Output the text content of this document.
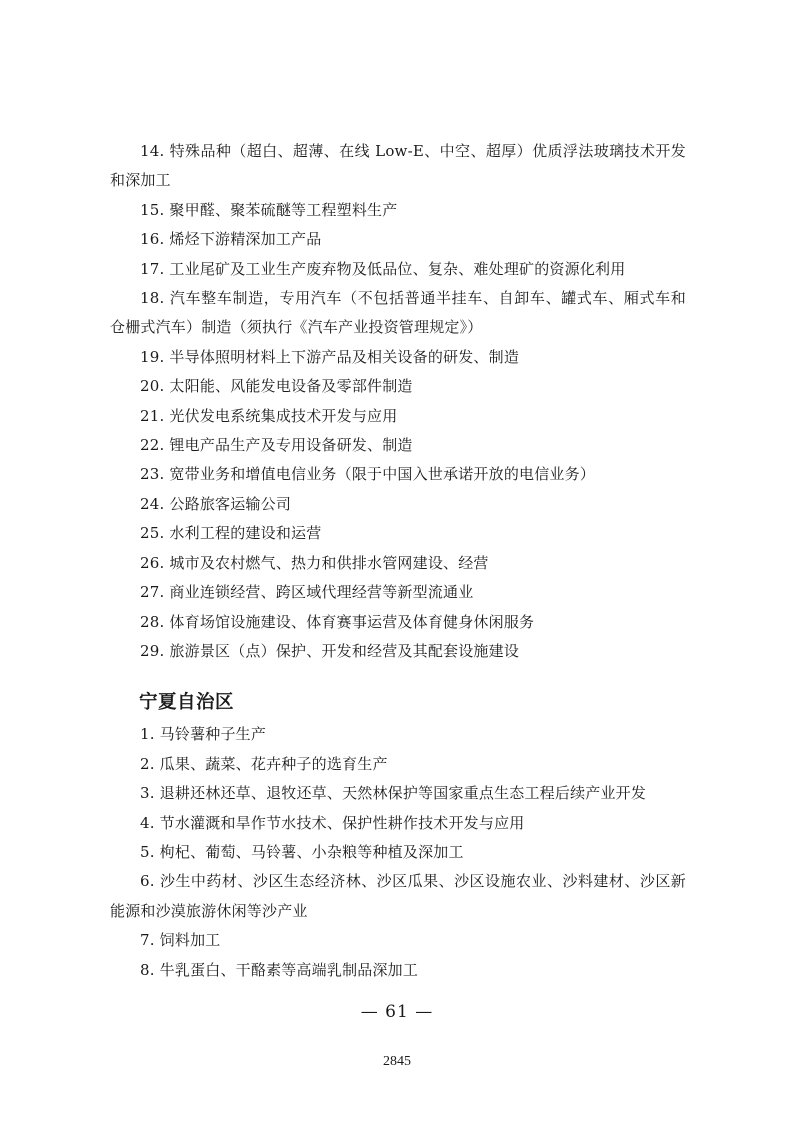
14. 特殊品种（超白、超薄、在线 Low-E、中空、超厚）优质浮法玻璃技术开发和深加工

15. 聚甲醛、聚苯硫醚等工程塑料生产

16. 烯烃下游精深加工产品

17. 工业尾矿及工业生产废弃物及低品位、复杂、难处理矿的资源化利用

18. 汽车整车制造，专用汽车（不包括普通半挂车、自卸车、罐式车、厢式车和仓栅式汽车）制造（须执行《汽车产业投资管理规定》）

19. 半导体照明材料上下游产品及相关设备的研发、制造

20. 太阳能、风能发电设备及零部件制造

21. 光伏发电系统集成技术开发与应用

22. 锂电产品生产及专用设备研发、制造

23. 宽带业务和增值电信业务（限于中国入世承诺开放的电信业务）

24. 公路旅客运输公司

25. 水利工程的建设和运营

26. 城市及农村燃气、热力和供排水管网建设、经营

27. 商业连锁经营、跨区域代理经营等新型流通业

28. 体育场馆设施建设、体育赛事运营及体育健身休闲服务

29. 旅游景区（点）保护、开发和经营及其配套设施建设

宁夏自治区

1. 马铃薯种子生产

2. 瓜果、蔬菜、花卉种子的选育生产

3. 退耕还林还草、退牧还草、天然林保护等国家重点生态工程后续产业开发

4. 节水灌溉和旱作节水技术、保护性耕作技术开发与应用

5. 枸杞、葡萄、马铃薯、小杂粮等种植及深加工

6. 沙生中药材、沙区生态经济林、沙区瓜果、沙区设施农业、沙料建材、沙区新能源和沙漠旅游休闲等沙产业

7. 饲料加工

8. 牛乳蛋白、干酪素等高端乳制品深加工

— 61 —
2845
